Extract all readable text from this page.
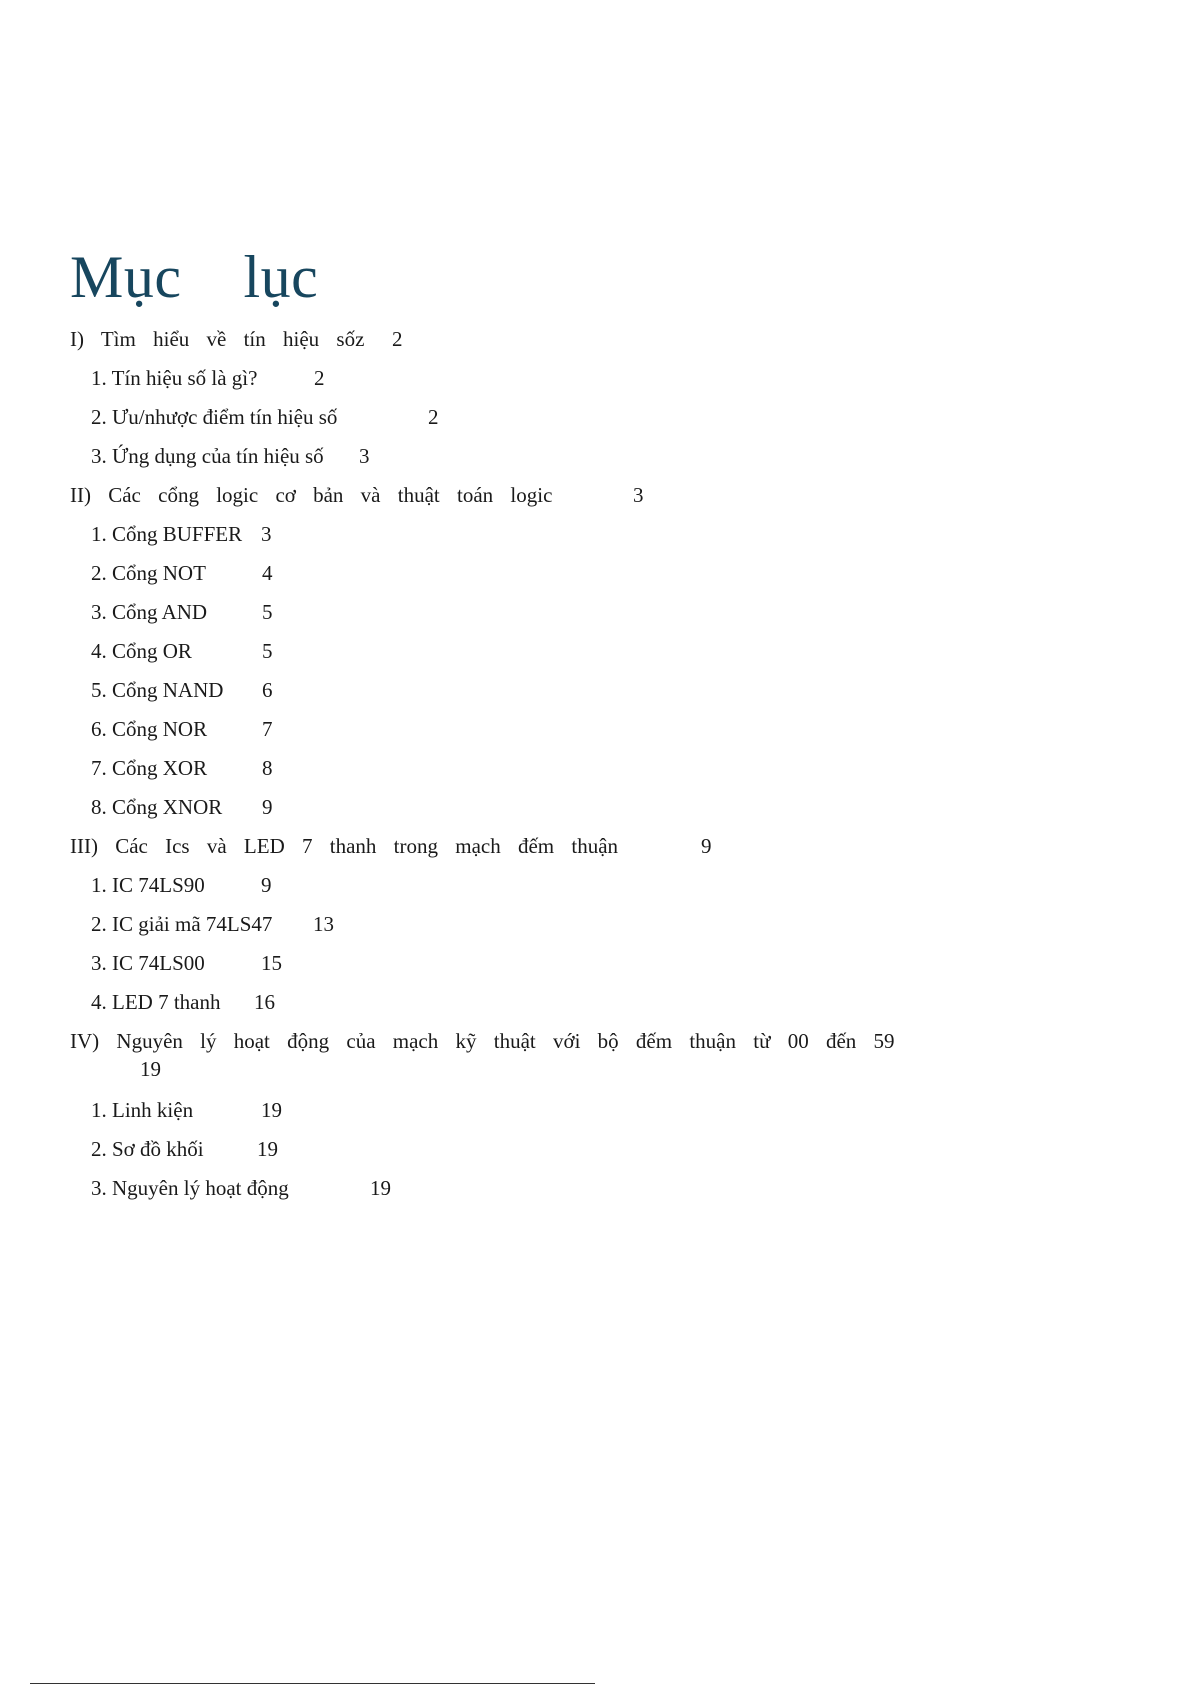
Mục    lục
I) Tìm hiểu về tín hiệu sốz 2
1. Tín hiệu số là gì?	2
2. Ưu/nhược điểm tín hiệu số	2
3. Ứng dụng của tín hiệu số 3
II) Các cổng logic cơ bản và thuật toán logic	3
1. Cổng BUFFER 3
2. Cổng NOT	4
3. Cổng AND	5
4. Cổng OR	5
5. Cổng NAND 6
6. Cổng NOR	7
7. Cổng XOR	8
8. Cổng XNOR 9
III) Các Ics và LED 7 thanh trong mạch đếm thuận	9
1. IC 74LS90	9
2. IC giải mã 74LS47 13
3. IC 74LS00	15
4. LED 7 thanh 16
IV) Nguyên lý hoạt động của mạch kỹ thuật với bộ đếm thuận từ 00 đến 59
19
1. Linh kiện	19
2. Sơ đồ khối	19
3. Nguyên lý hoạt động	19
